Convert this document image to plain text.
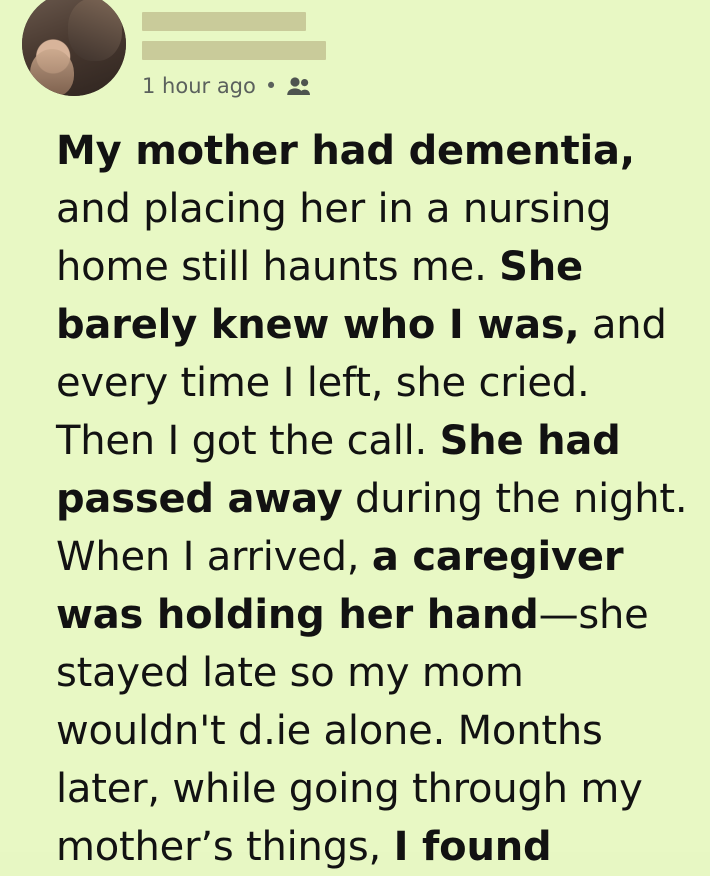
1 hour ago •
My mother had dementia, and placing her in a nursing home still haunts me. She barely knew who I was, and every time I left, she cried. Then I got the call. She had passed away during the night. When I arrived, a caregiver was holding her hand—she stayed late so my mom wouldn't d.ie alone. Months later, while going through my mother’s things, I found
